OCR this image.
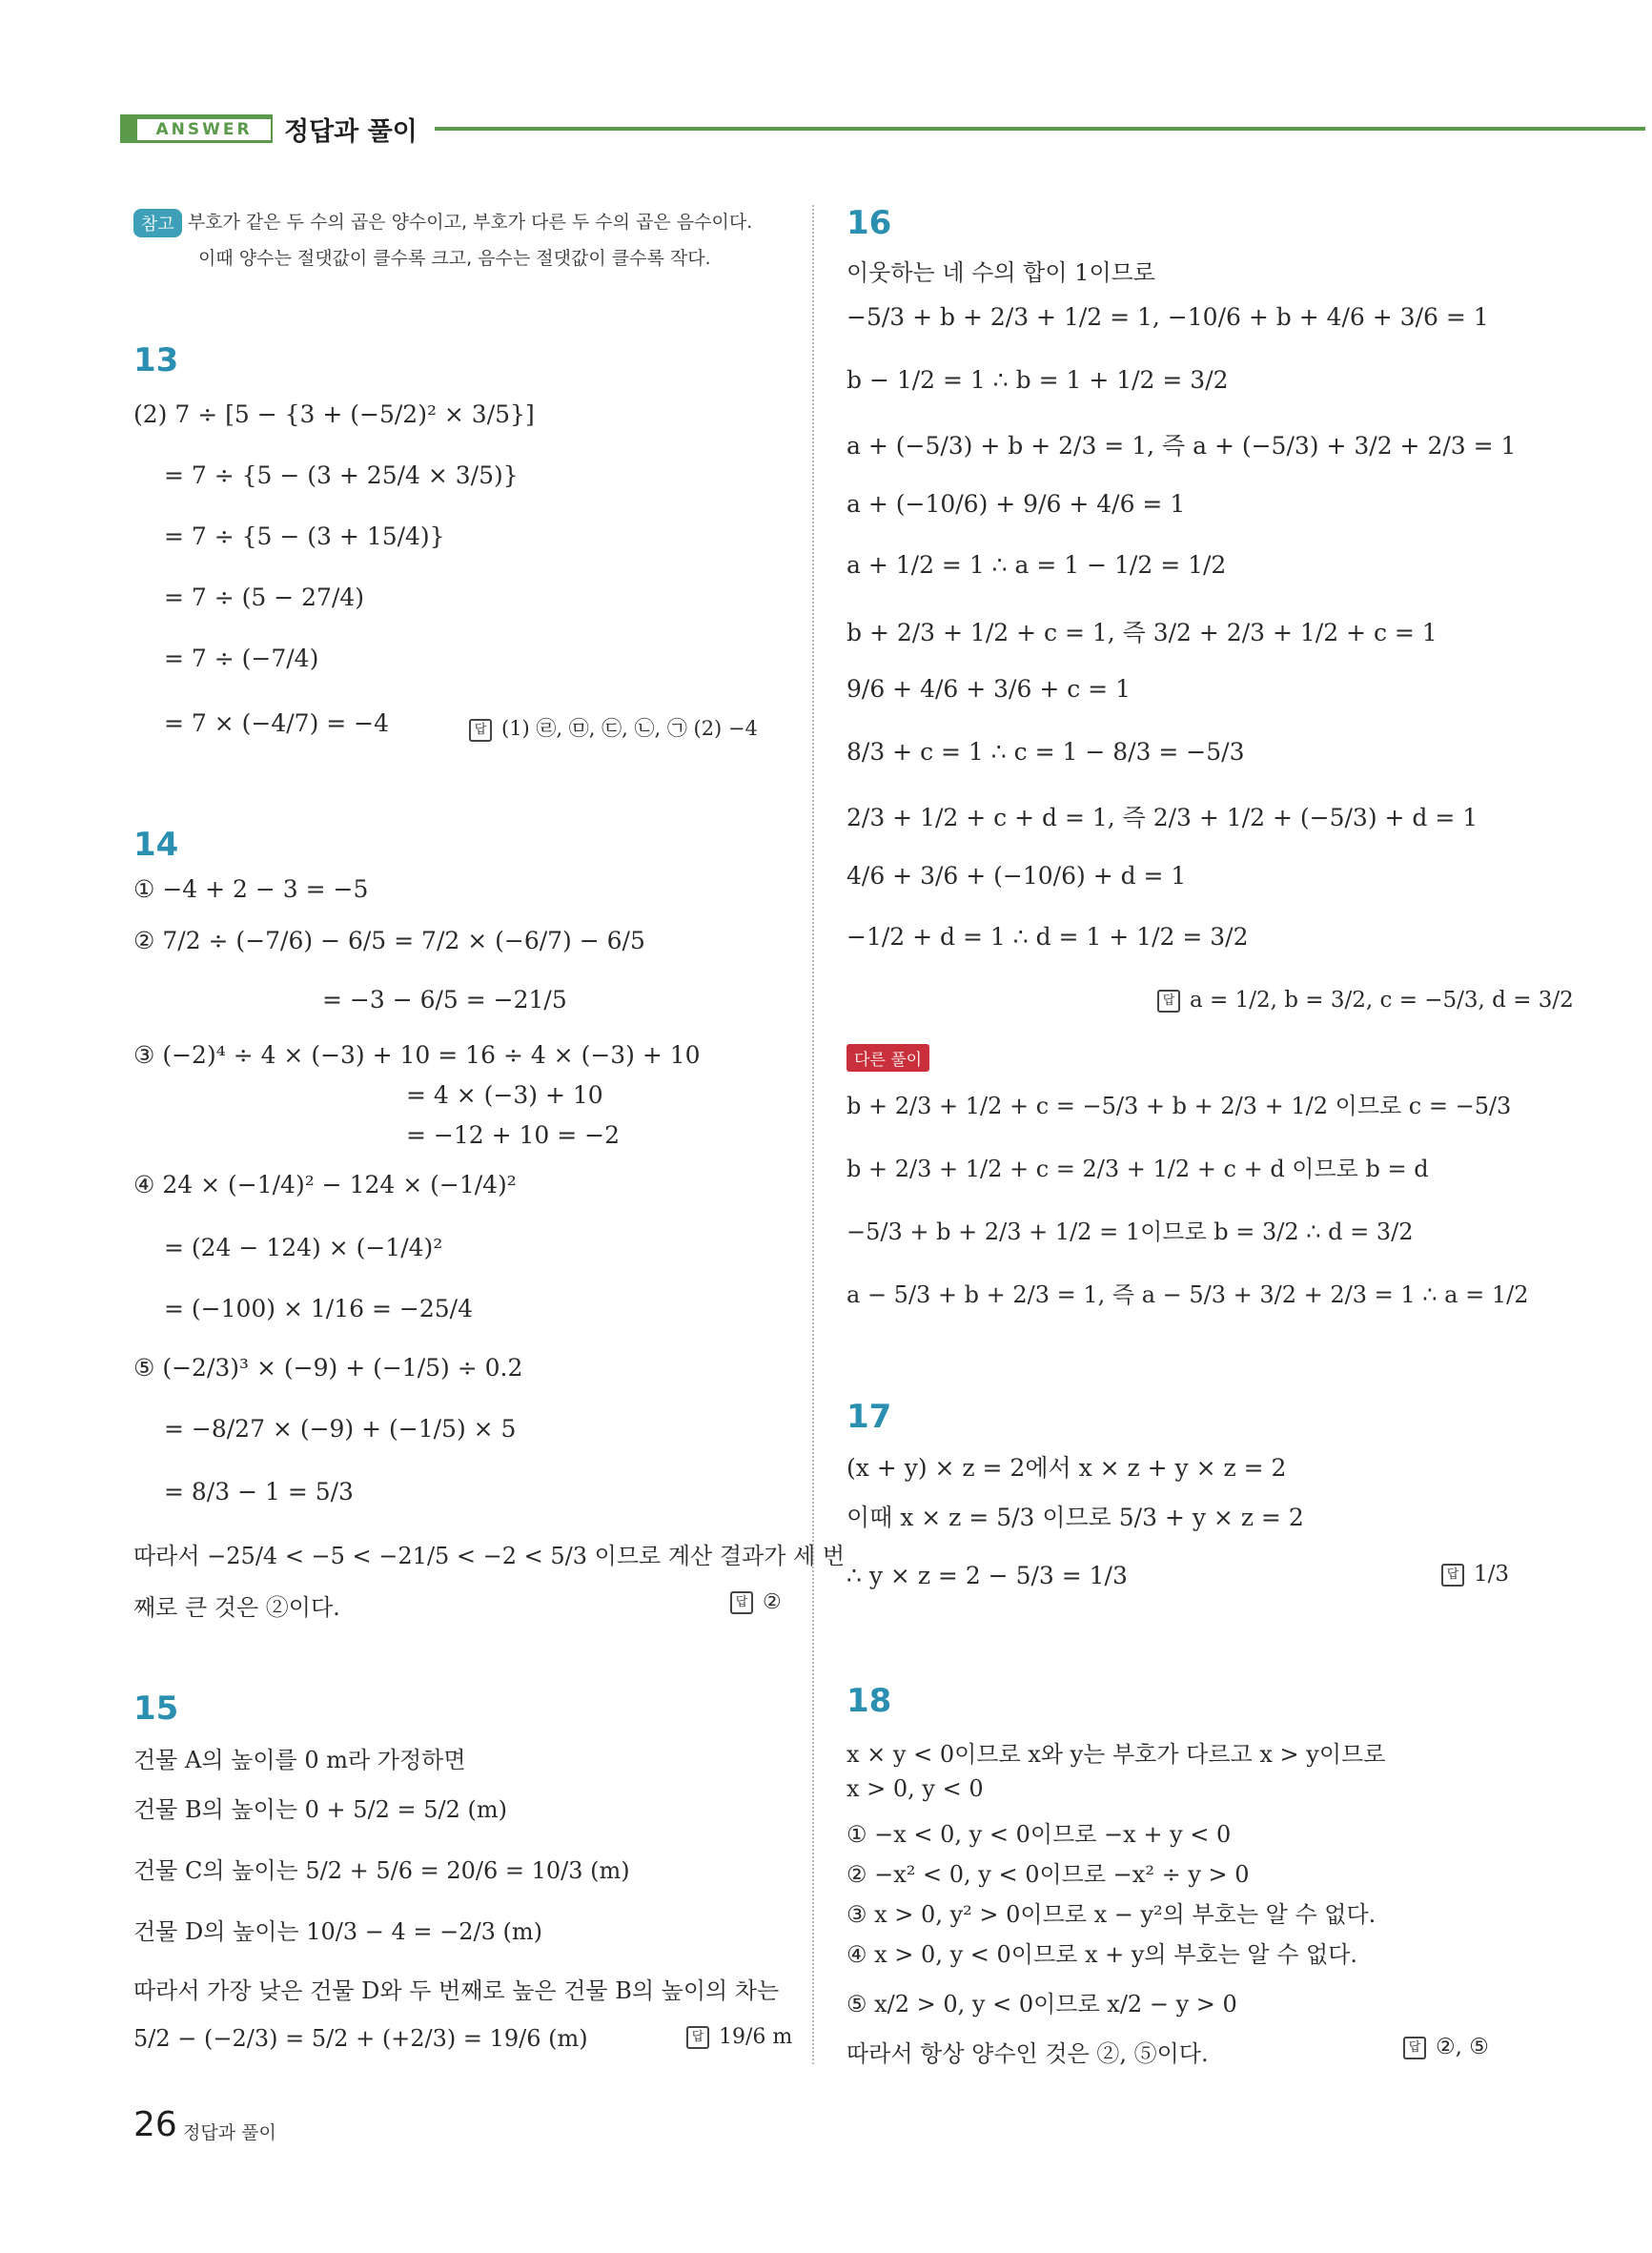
ANSWER	정답과 풀이
참고 부호가 같은 두 수의 곱은 양수이고, 부호가 다른 두 수의 곱은 음수이다.
이때 양수는 절댓값이 클수록 크고, 음수는 절댓값이 클수록 작다.
13
(2) 7 ÷ [5 − {3 + (−5/2)² × 3/5}]
= 7 ÷ {5 − (3 + 25/4 × 3/5)}
= 7 ÷ {5 − (3 + 15/4)}
= 7 ÷ (5 − 27/4)
= 7 ÷ (−7/4)
= 7 × (−4/7) = −4	답 (1) ㉣, ㉤, ㉢, ㉡, ㉠ (2) −4
14
① −4 + 2 − 3 = −5
② 7/2 ÷ (−7/6) − 6/5 = 7/2 × (−6/7) − 6/5
= −3 − 6/5 = −21/5
③ (−2)⁴ ÷ 4 × (−3) + 10 = 16 ÷ 4 × (−3) + 10
= 4 × (−3) + 10
= −12 + 10 = −2
④ 24 × (−1/4)² − 124 × (−1/4)²
= (24 − 124) × (−1/4)²
= (−100) × 1/16 = −25/4
⑤ (−2/3)³ × (−9) + (−1/5) ÷ 0.2
= −8/27 × (−9) + (−1/5) × 5
= 8/3 − 1 = 5/3
따라서 −25/4 < −5 < −21/5 < −2 < 5/3 이므로 계산 결과가 세 번
째로 큰 것은 ②이다.	답 ②
15
건물 A의 높이를 0 m라 가정하면
건물 B의 높이는 0 + 5/2 = 5/2 (m)
건물 C의 높이는 5/2 + 5/6 = 20/6 = 10/3 (m)
건물 D의 높이는 10/3 − 4 = −2/3 (m)
따라서 가장 낮은 건물 D와 두 번째로 높은 건물 B의 높이의 차는
5/2 − (−2/3) = 5/2 + (+2/3) = 19/6 (m)	답 19/6 m
16
이웃하는 네 수의 합이 1이므로
−5/3 + b + 2/3 + 1/2 = 1, −10/6 + b + 4/6 + 3/6 = 1
b − 1/2 = 1 ∴ b = 1 + 1/2 = 3/2
a + (−5/3) + b + 2/3 = 1, 즉 a + (−5/3) + 3/2 + 2/3 = 1
a + (−10/6) + 9/6 + 4/6 = 1
a + 1/2 = 1 ∴ a = 1 − 1/2 = 1/2
b + 2/3 + 1/2 + c = 1, 즉 3/2 + 2/3 + 1/2 + c = 1
9/6 + 4/6 + 3/6 + c = 1
8/3 + c = 1 ∴ c = 1 − 8/3 = −5/3
2/3 + 1/2 + c + d = 1, 즉 2/3 + 1/2 + (−5/3) + d = 1
4/6 + 3/6 + (−10/6) + d = 1
−1/2 + d = 1 ∴ d = 1 + 1/2 = 3/2
답 a = 1/2, b = 3/2, c = −5/3, d = 3/2
다른 풀이
b + 2/3 + 1/2 + c = −5/3 + b + 2/3 + 1/2 이므로 c = −5/3
b + 2/3 + 1/2 + c = 2/3 + 1/2 + c + d 이므로 b = d
−5/3 + b + 2/3 + 1/2 = 1이므로 b = 3/2 ∴ d = 3/2
a − 5/3 + b + 2/3 = 1, 즉 a − 5/3 + 3/2 + 2/3 = 1 ∴ a = 1/2
17
(x + y) × z = 2에서 x × z + y × z = 2
이때 x × z = 5/3 이므로 5/3 + y × z = 2
∴ y × z = 2 − 5/3 = 1/3	답 1/3
18
x × y < 0이므로 x와 y는 부호가 다르고 x > y이므로
x > 0, y < 0
① −x < 0, y < 0이므로 −x + y < 0
② −x² < 0, y < 0이므로 −x² ÷ y > 0
③ x > 0, y² > 0이므로 x − y²의 부호는 알 수 없다.
④ x > 0, y < 0이므로 x + y의 부호는 알 수 없다.
⑤ x/2 > 0, y < 0이므로 x/2 − y > 0
따라서 항상 양수인 것은 ②, ⑤이다.	답 ②, ⑤
26 정답과 풀이
